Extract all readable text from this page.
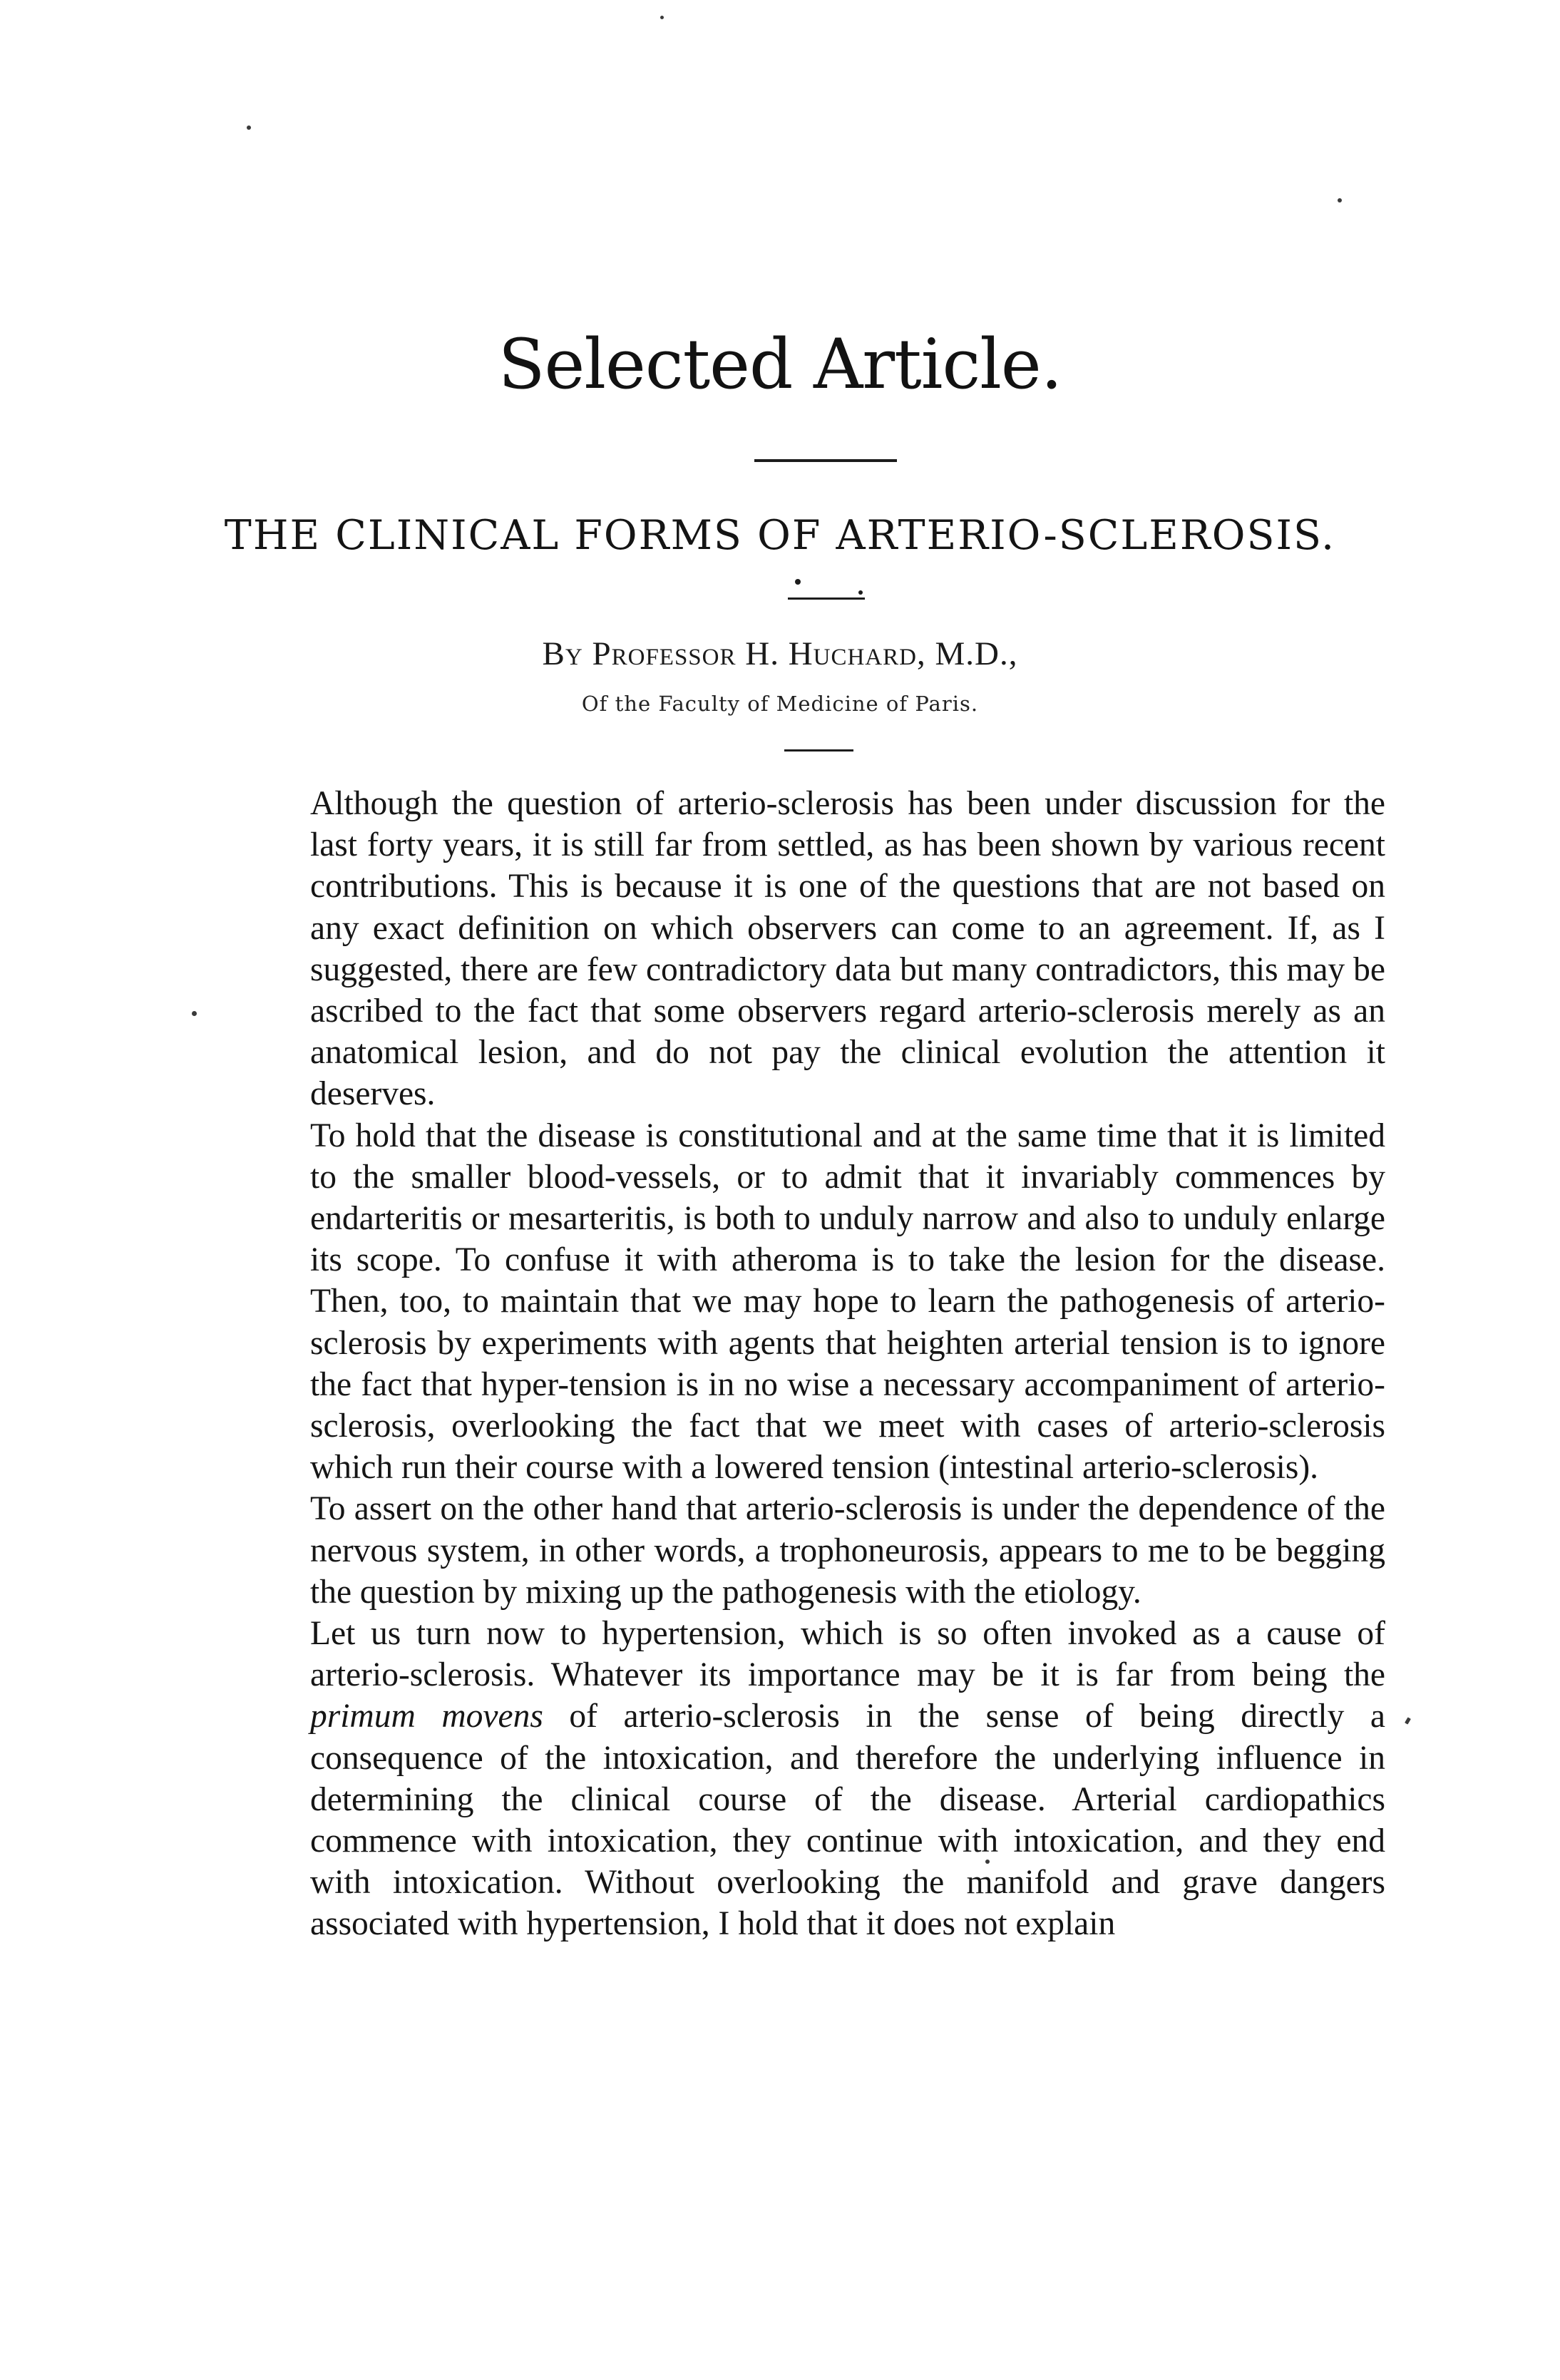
Selected Article.
THE CLINICAL FORMS OF ARTERIO-SCLEROSIS.
By Professor H. Huchard, M.D.,
Of the Faculty of Medicine of Paris.

Although the question of arterio-sclerosis has been under discussion for the last forty years, it is still far from settled, as has been shown by various recent contributions. This is because it is one of the questions that are not based on any exact definition on which observers can come to an agreement. If, as I suggested, there are few contradictory data but many contradictors, this may be ascribed to the fact that some observers regard arterio-sclerosis merely as an anatomical lesion, and do not pay the clinical evolution the attention it deserves.

To hold that the disease is constitutional and at the same time that it is limited to the smaller blood-vessels, or to admit that it invariably commences by endarteritis or mesarteritis, is both to unduly narrow and also to unduly enlarge its scope. To confuse it with atheroma is to take the lesion for the disease. Then, too, to maintain that we may hope to learn the pathogenesis of arterio-sclerosis by experiments with agents that heighten arterial tension is to ignore the fact that hyper-tension is in no wise a necessary accompaniment of arterio-sclerosis, overlooking the fact that we meet with cases of arterio-sclerosis which run their course with a lowered tension (intestinal arterio-sclerosis).

To assert on the other hand that arterio-sclerosis is under the dependence of the nervous system, in other words, a trophoneurosis, appears to me to be begging the question by mixing up the pathogenesis with the etiology.

Let us turn now to hypertension, which is so often invoked as a cause of arterio-sclerosis. Whatever its importance may be it is far from being the primum movens of arterio-sclerosis in the sense of being directly a consequence of the intoxication, and therefore the underlying influence in determining the clinical course of the disease. Arterial cardiopathics commence with intoxication, they continue with intoxication, and they end with intoxication. Without overlooking the manifold and grave dangers associated with hypertension, I hold that it does not explain
